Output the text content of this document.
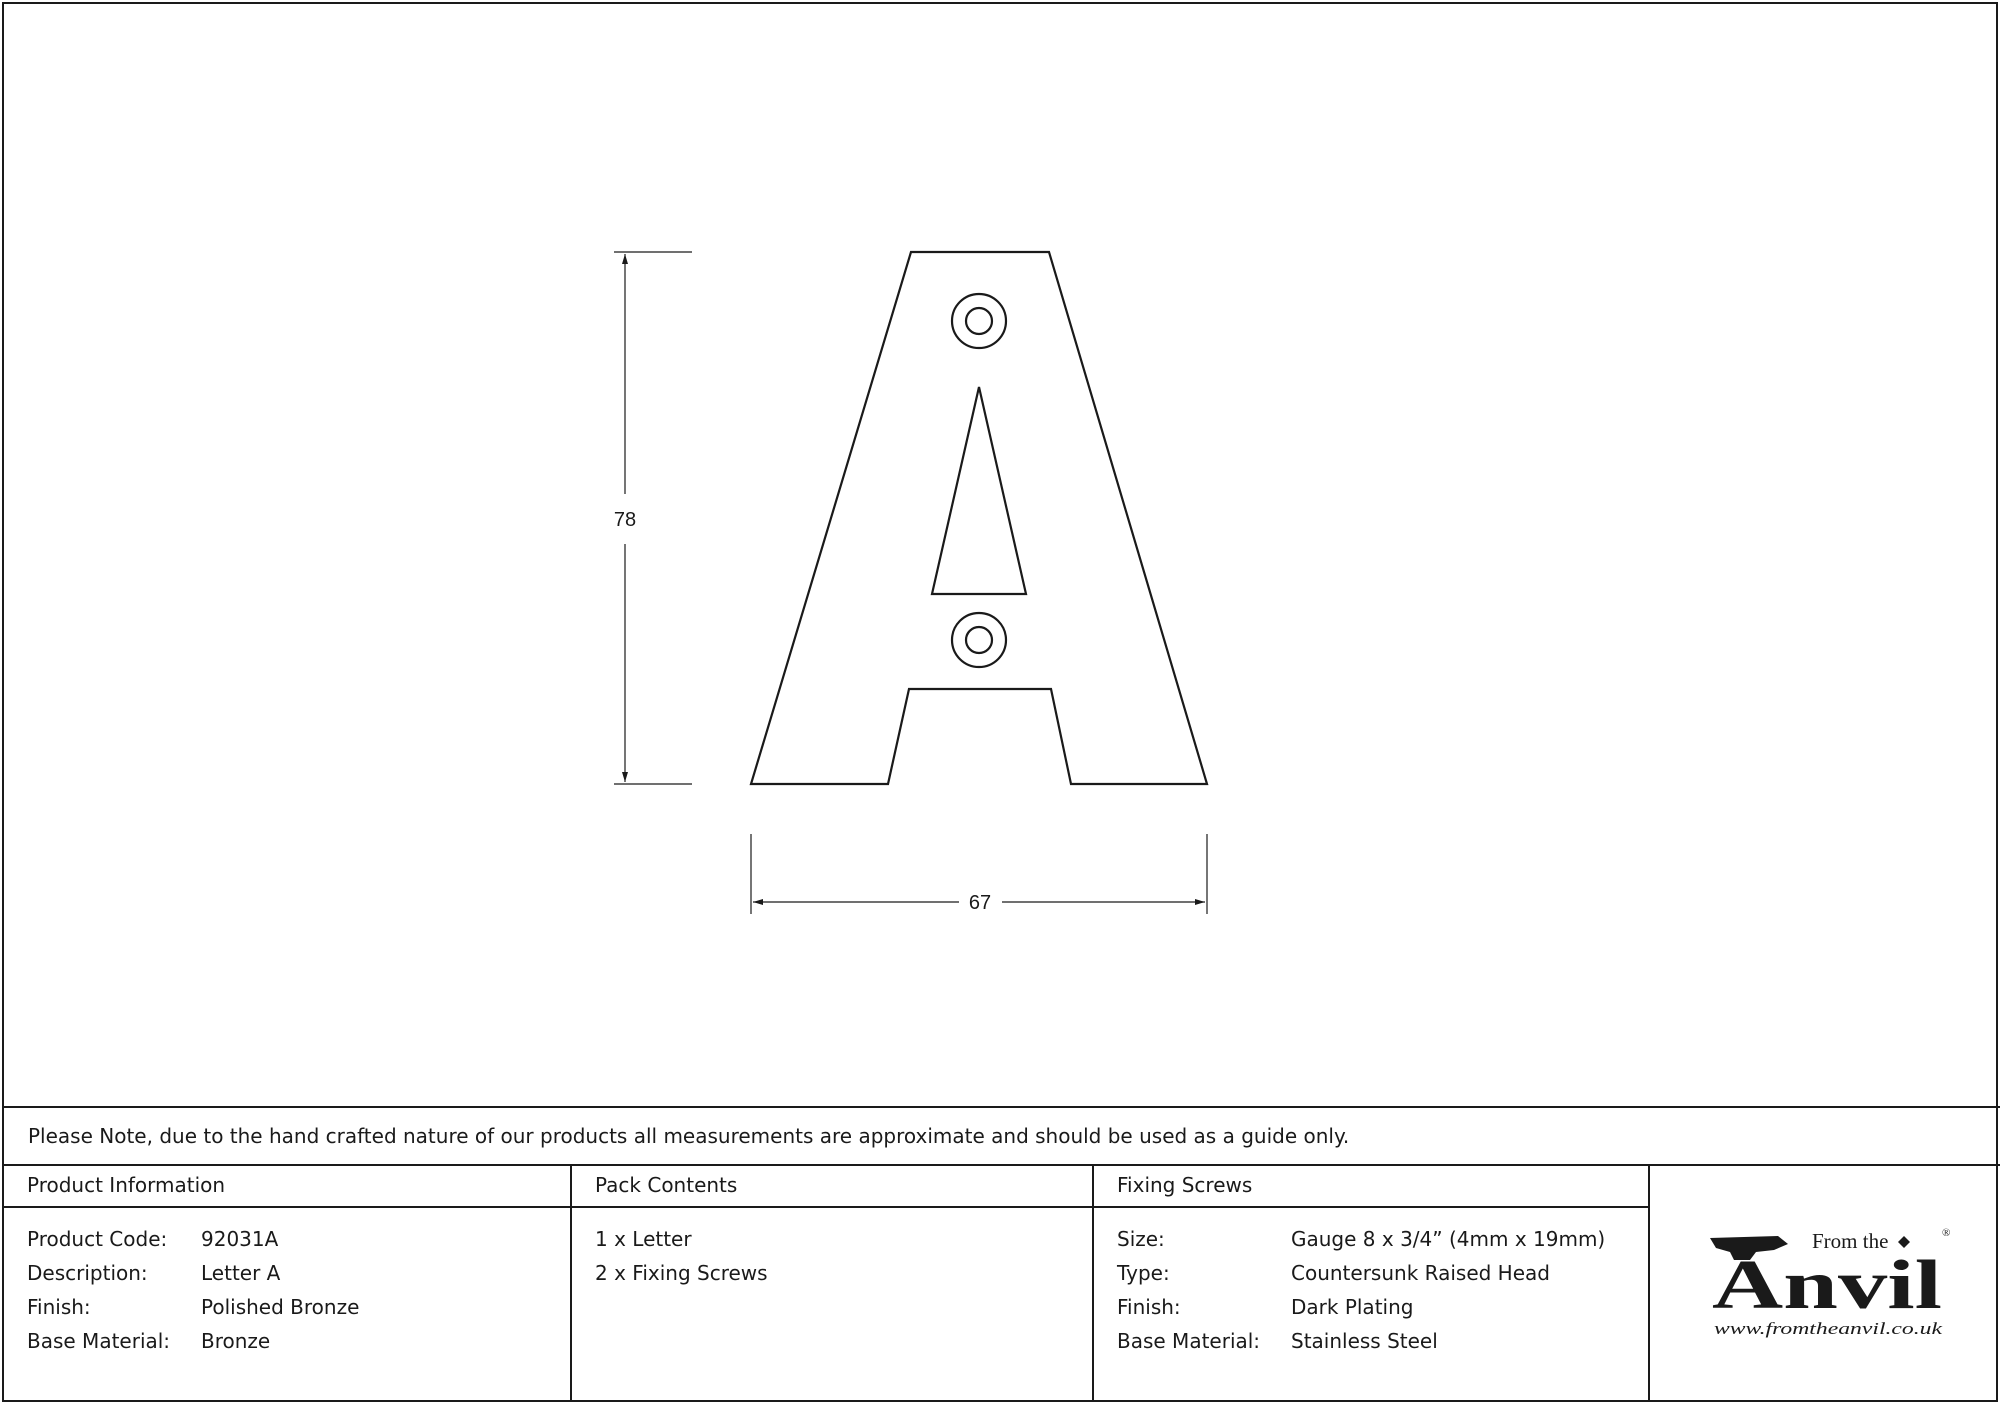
78
67
Please Note, due to the hand crafted nature of our products all measurements are approximate and should be used as a guide only.
Product Information
Product Code: 92031A
Description:	Letter A
Finish:	Polished Bronze
Base Material: Bronze
Pack Contents
1 x Letter
2 x Fixing Screws
Fixing Screws
Size:	Gauge 8 x 3/4” (4mm x 19mm)
Type:	Countersunk Raised Head
Finish:	Dark Plating
Base Material: Stainless Steel
From the	®
Anvil
www.fromtheanvil.co.uk
